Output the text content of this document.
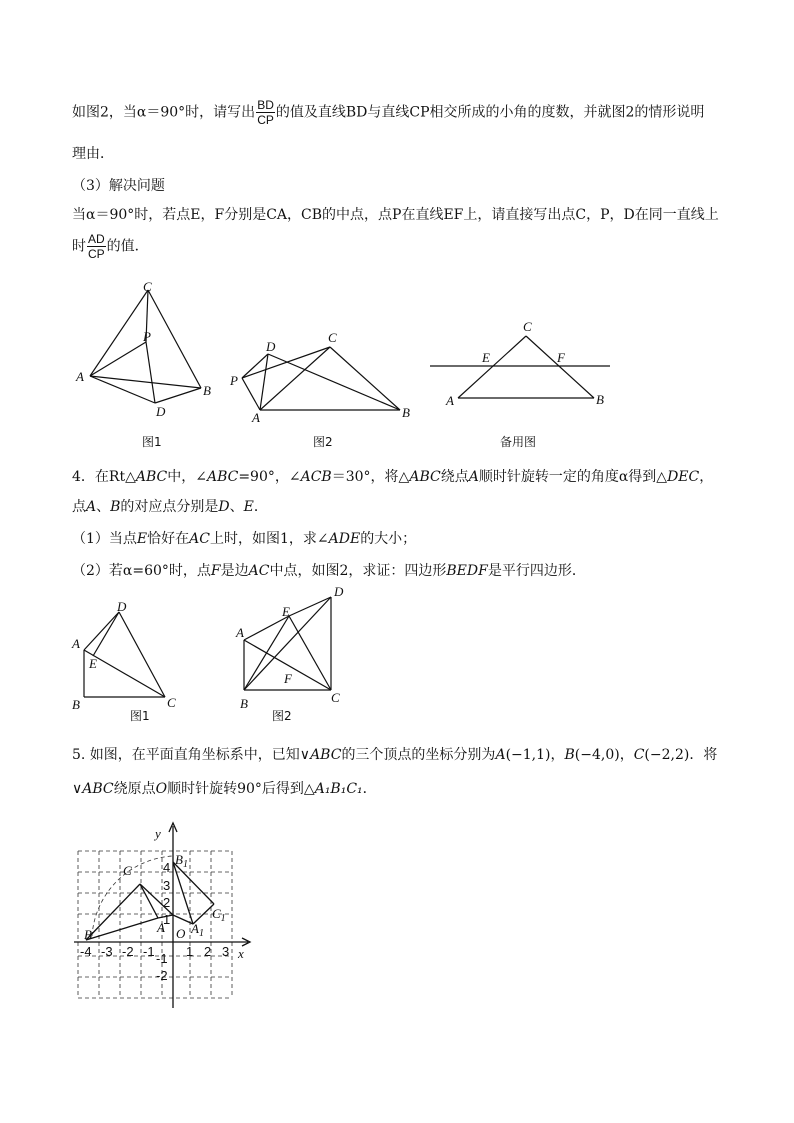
如图2，当α＝90°时，请写出 $\frac{BD}{CP}$ 的值及直线BD与直线CP相交所成的小角的度数，并就图2的情形说明
理由．
（3）解决问题
当α＝90°时，若点E，F分别是CA，CB的中点，点P在直线EF上，请直接写出点C，P，D在同一直线上
时 $\frac{AD}{CP}$ 的值．
C
P
A
B
D
图1
D
C
P
A	B
图2
C
E	F
A	B
备用图
4．在Rt△ABC中，∠ABC=90°，∠ACB＝30°，将△ABC绕点A顺时针旋转一定的角度α得到△DEC，
点A、B的对应点分别是D、E．
（1）当点E恰好在AC上时，如图1，求∠ADE的大小；
（2）若α=60°时，点F是边AC中点，如图2，求证：四边形BEDF是平行四边形．
D
A
E
B	C
图1
E
D
A
F
B	C
图2
5. 如图，在平面直角坐标系中，已知∨ABC的三个顶点的坐标分别为A(−1,1)，B(−4,0)，C(−2,2)．将
∨ABC绕原点O顺时针旋转90°后得到△A₁B₁C₁．
y
x
O
C
A
B
$B_1$
$C_1$
$A_1$
-4 -3 -2 -1 1 2 3
4
3
2
1
-1
-2
